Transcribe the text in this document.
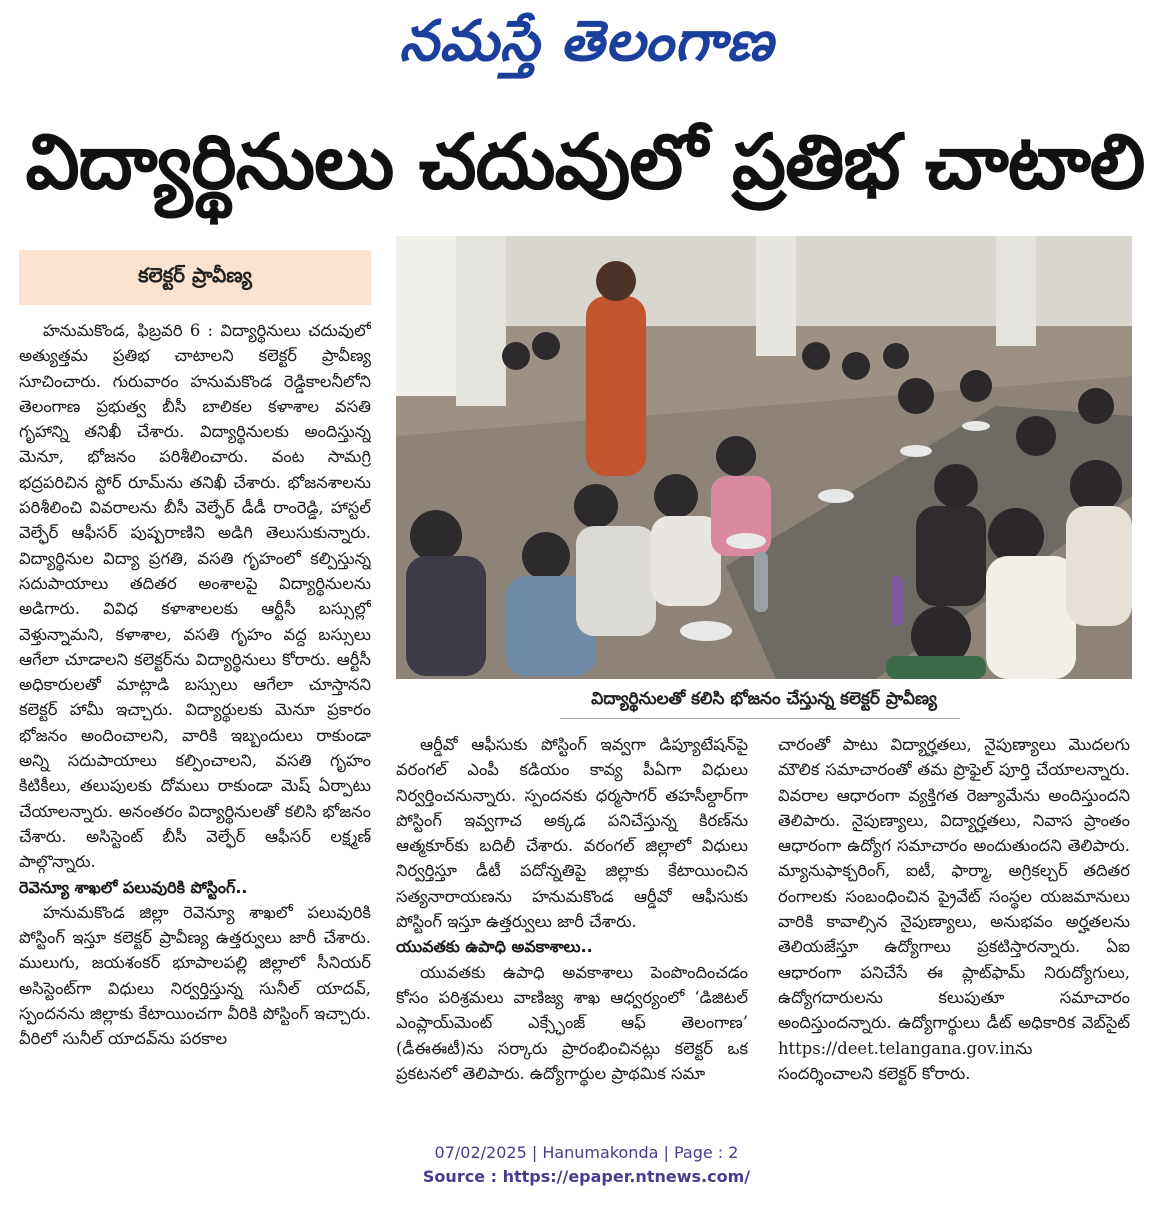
నమస్తే తెలంగాణ
విద్యార్థినులు చదువులో ప్రతిభ చాటాలి
కలెక్టర్ ప్రావీణ్య
విద్యార్థినులతో కలిసి భోజనం చేస్తున్న కలెక్టర్ ప్రావీణ్య

హనుమకొండ, ఫిబ్రవరి 6 : విద్యార్థినులు చదువులో అత్యుత్తమ ప్రతిభ చాటాలని కలెక్టర్ ప్రావీణ్య సూచించారు. గురువారం హనుమకొండ రెడ్డికాలనీలోని తెలంగాణ ప్రభుత్వ బీసీ బాలికల కళాశాల వసతి గృహాన్ని తనిఖీ చేశారు. విద్యార్థినులకు అందిస్తున్న మెనూ, భోజనం పరిశీలించారు. వంట సామగ్రి భద్రపరిచిన స్టోర్ రూమ్‌ను తనిఖీ చేశారు. భోజనశాలను పరిశీలించి వివరాలను బీసీ వెల్ఫేర్ డీడీ రాంరెడ్డి, హాస్టల్ వెల్ఫేర్ ఆఫీసర్ పుష్పరాణిని అడిగి తెలుసుకున్నారు. విద్యార్థినుల విద్యా ప్రగతి, వసతి గృహంలో కల్పిస్తున్న సదుపాయాలు తదితర అంశాలపై విద్యార్థినులను అడిగారు. వివిధ కళాశాలలకు ఆర్టీసీ బస్సుల్లో వెళ్తున్నామని, కళాశాల, వసతి గృహం వద్ద బస్సులు ఆగేలా చూడాలని కలెక్టర్‌ను విద్యార్థినులు కోరారు. ఆర్టీసీ అధికారులతో మాట్లాడి బస్సులు ఆగేలా చూస్తానని కలెక్టర్ హామీ ఇచ్చారు. విద్యార్థులకు మెనూ ప్రకారం భోజనం అందించాలని, వారికి ఇబ్బందులు రాకుండా అన్ని సదుపాయాలు కల్పించాలని, వసతి గృహం కిటికీలు, తలుపులకు దోమలు రాకుండా మెష్ ఏర్పాటు చేయాలన్నారు. అనంతరం విద్యార్థినులతో కలిసి భోజనం చేశారు. అసిస్టెంట్ బీసీ వెల్ఫేర్ ఆఫీసర్ లక్ష్మణ్ పాల్గొన్నారు.

రెవెన్యూ శాఖలో పలువురికి పోస్టింగ్..

హనుమకొండ జిల్లా రెవెన్యూ శాఖలో పలువురికి పోస్టింగ్ ఇస్తూ కలెక్టర్ ప్రావీణ్య ఉత్తర్వులు జారీ చేశారు. ములుగు, జయశంకర్ భూపాలపల్లి జిల్లాలో సీనియర్ అసిస్టెంట్‌గా విధులు నిర్వర్తిస్తున్న సునీల్ యాదవ్, స్పందనను జిల్లాకు కేటాయించగా వీరికి పోస్టింగ్ ఇచ్చారు. వీరిలో సునీల్ యాదవ్‌ను పరకాల

ఆర్డీవో ఆఫీసుకు పోస్టింగ్ ఇవ్వగా డిప్యూటేషన్‌పై వరంగల్ ఎంపీ కడియం కావ్య పీఏగా విధులు నిర్వర్తించనున్నారు. స్పందనకు ధర్మసాగర్ తహసీల్దార్‌గా పోస్టింగ్ ఇవ్వగాచ అక్కడ పనిచేస్తున్న కిరణ్‌ను ఆత్మకూర్‌కు బదిలీ చేశారు. వరంగల్ జిల్లాలో విధులు నిర్వర్తిస్తూ డీటీ పదోన్నతిపై జిల్లాకు కేటాయించిన సత్యనారాయణను హనుమకొండ ఆర్డీవో ఆఫీసుకు పోస్టింగ్ ఇస్తూ ఉత్తర్వులు జారీ చేశారు.

యువతకు ఉపాధి అవకాశాలు..

యువతకు ఉపాధి అవకాశాలు పెంపొందించడం కోసం పరిశ్రమలు వాణిజ్య శాఖ ఆధ్వర్యంలో ‘డిజిటల్ ఎంప్లాయ్‌మెంట్ ఎక్స్ఛేంజ్ ఆఫ్ తెలంగాణ’ (డీఈఈటీ)ను సర్కారు ప్రారంభించినట్లు కలెక్టర్ ఒక ప్రకటనలో తెలిపారు. ఉద్యోగార్థుల ప్రాథమిక సమా

చారంతో పాటు విద్యార్హతలు, నైపుణ్యాలు మొదలగు మౌలిక సమాచారంతో తమ ప్రొఫైల్ పూర్తి చేయాలన్నారు. వివరాల ఆధారంగా వ్యక్తిగత రెజ్యూమేను అందిస్తుందని తెలిపారు. నైపుణ్యాలు, విద్యార్హతలు, నివాస ప్రాంతం ఆధారంగా ఉద్యోగ సమాచారం అందుతుందని తెలిపారు. మ్యానుఫాక్చరింగ్, ఐటీ, ఫార్మా, అగ్రికల్చర్ తదితర రంగాలకు సంబంధించిన ప్రైవేట్ సంస్థల యజమానులు వారికి కావాల్సిన నైపుణ్యాలు, అనుభవం అర్హతలను తెలియజేస్తూ ఉద్యోగాలు ప్రకటిస్తారన్నారు. ఏఐ ఆధారంగా పనిచేసే ఈ ప్లాట్‌ఫామ్ నిరుద్యోగులు, ఉద్యోగదారులను కలుపుతూ సమాచారం అందిస్తుందన్నారు. ఉద్యోగార్థులు డీట్ అధికారిక వెబ్‌సైట్ https://deet.telangana.gov.inను సందర్శించాలని కలెక్టర్ కోరారు.

07/02/2025 | Hanumakonda | Page : 2
Source : https://epaper.ntnews.com/
